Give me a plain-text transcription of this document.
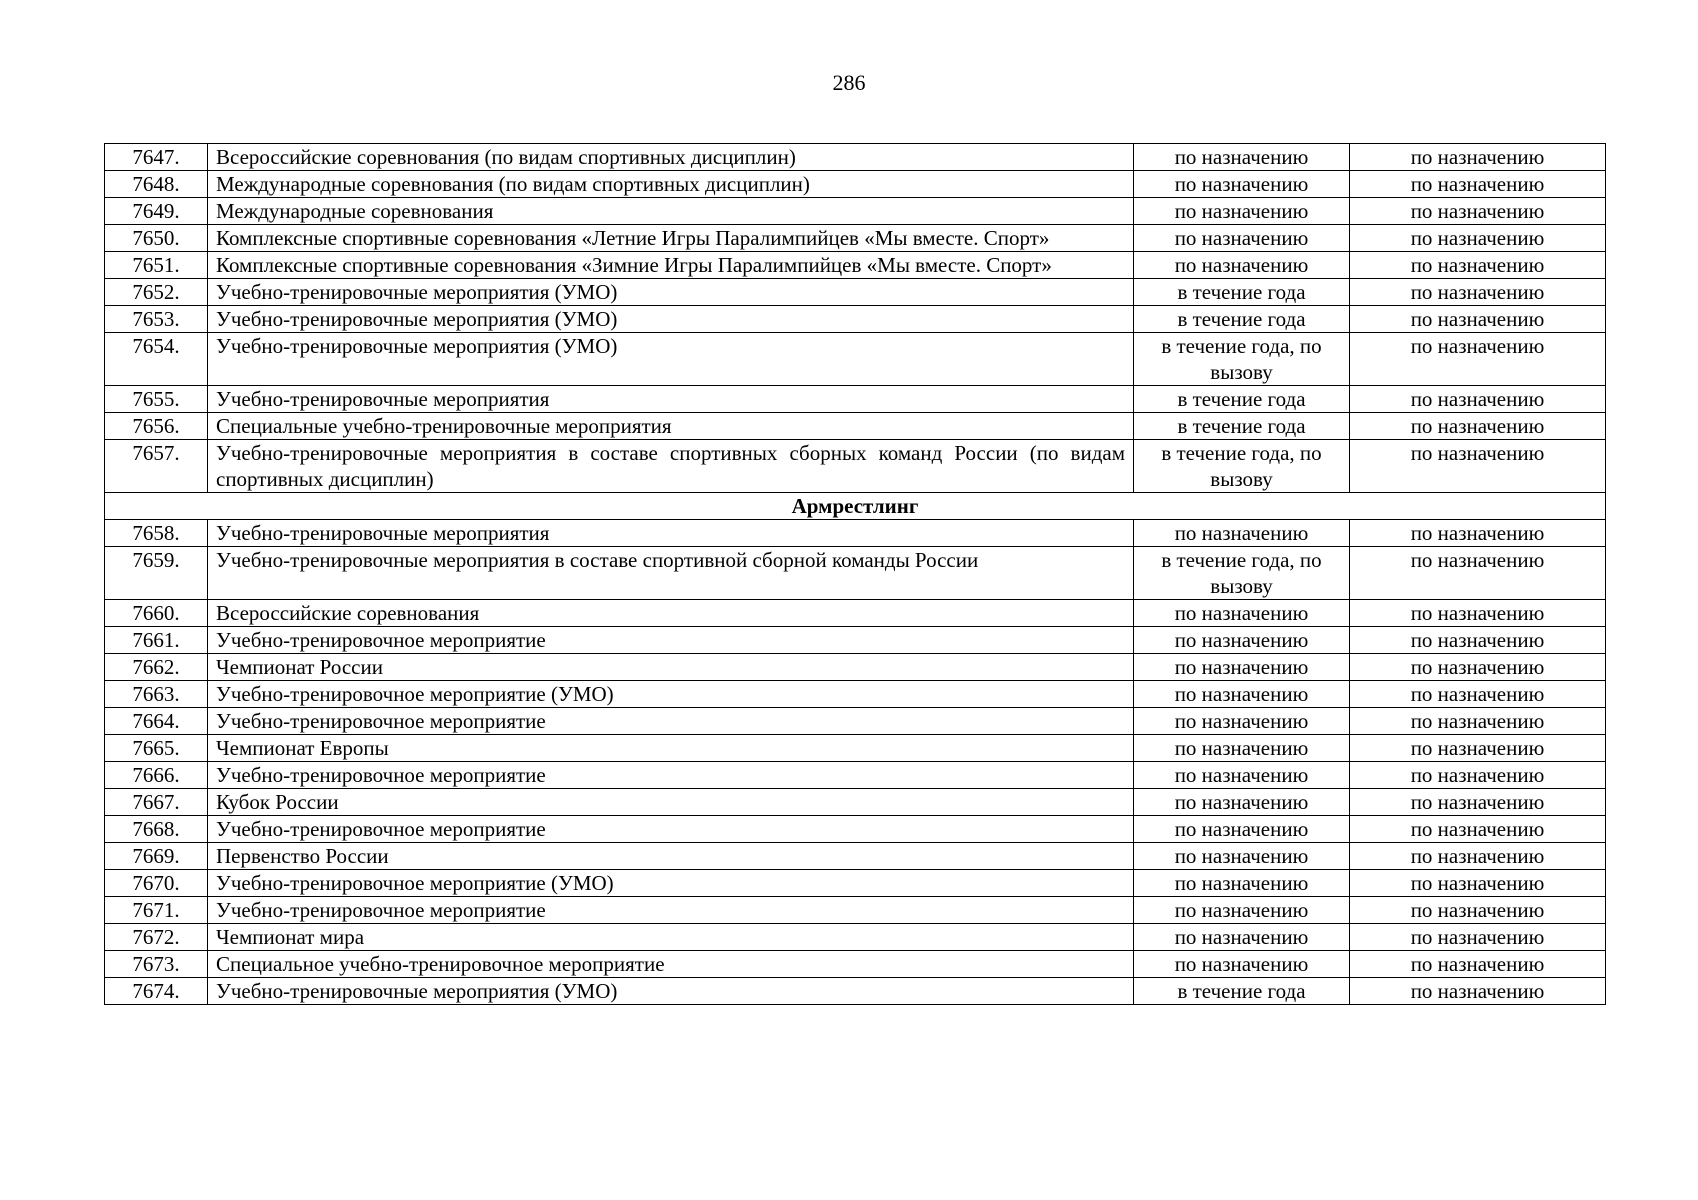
286
7647.	Всероссийские соревнования (по видам спортивных дисциплин)	по назначению	по назначению
7648.	Международные соревнования (по видам спортивных дисциплин)	по назначению	по назначению
7649.	Международные соревнования	по назначению	по назначению
7650.	Комплексные спортивные соревнования «Летние Игры Паралимпийцев «Мы вместе. Спорт»	по назначению	по назначению
7651.	Комплексные спортивные соревнования «Зимние Игры Паралимпийцев «Мы вместе. Спорт»	по назначению	по назначению
7652.	Учебно-тренировочные мероприятия (УМО)	в течение года	по назначению
7653.	Учебно-тренировочные мероприятия (УМО)	в течение года	по назначению
7654.	Учебно-тренировочные мероприятия (УМО)	в течение года, по вызову	по назначению
7655.	Учебно-тренировочные мероприятия	в течение года	по назначению
7656.	Специальные учебно-тренировочные мероприятия	в течение года	по назначению
7657.	Учебно-тренировочные мероприятия в составе спортивных сборных команд России (по видам спортивных дисциплин)	в течение года, по вызову	по назначению
Армрестлинг			
7658.	Учебно-тренировочные мероприятия	по назначению	по назначению
7659.	Учебно-тренировочные мероприятия в составе спортивной сборной команды России	в течение года, по вызову	по назначению
7660.	Всероссийские соревнования	по назначению	по назначению
7661.	Учебно-тренировочное мероприятие	по назначению	по назначению
7662.	Чемпионат России	по назначению	по назначению
7663.	Учебно-тренировочное мероприятие (УМО)	по назначению	по назначению
7664.	Учебно-тренировочное мероприятие	по назначению	по назначению
7665.	Чемпионат Европы	по назначению	по назначению
7666.	Учебно-тренировочное мероприятие	по назначению	по назначению
7667.	Кубок России	по назначению	по назначению
7668.	Учебно-тренировочное мероприятие	по назначению	по назначению
7669.	Первенство России	по назначению	по назначению
7670.	Учебно-тренировочное мероприятие (УМО)	по назначению	по назначению
7671.	Учебно-тренировочное мероприятие	по назначению	по назначению
7672.	Чемпионат мира	по назначению	по назначению
7673.	Специальное учебно-тренировочное мероприятие	по назначению	по назначению
7674.	Учебно-тренировочные мероприятия (УМО)	в течение года	по назначению
